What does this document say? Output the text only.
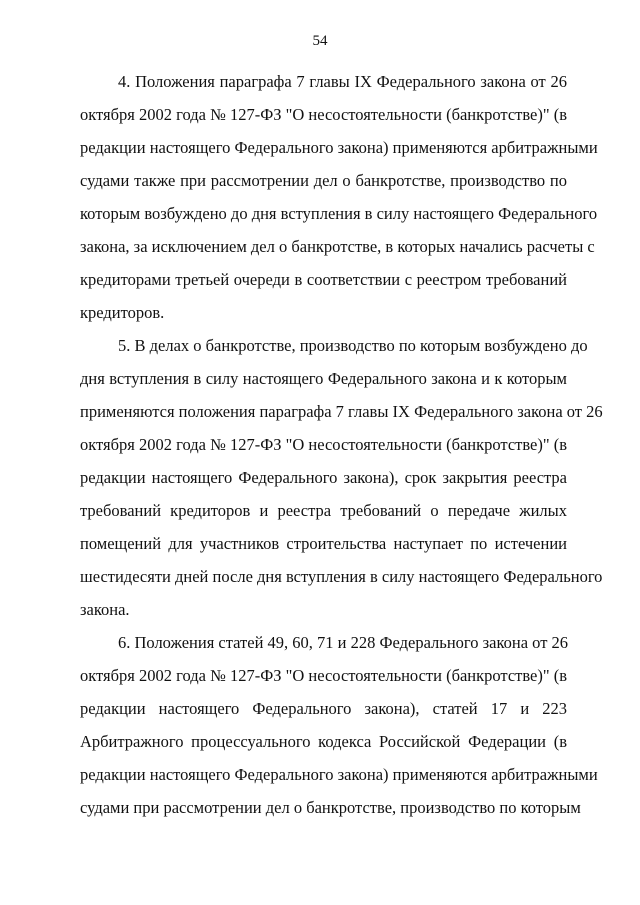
54
4. Положения параграфа 7 главы IX Федерального закона от 26
октября 2002 года № 127-ФЗ "О несостоятельности (банкротстве)" (в
редакции настоящего Федерального закона) применяются арбитражными
судами также при рассмотрении дел о банкротстве, производство по
которым возбуждено до дня вступления в силу настоящего Федерального
закона, за исключением дел о банкротстве, в которых начались расчеты с
кредиторами третьей очереди в соответствии с реестром требований
кредиторов.
5. В делах о банкротстве, производство по которым возбуждено до
дня вступления в силу настоящего Федерального закона и к которым
применяются положения параграфа 7 главы IX Федерального закона от 26
октября 2002 года № 127-ФЗ "О несостоятельности (банкротстве)" (в
редакции настоящего Федерального закона), срок закрытия реестра
требований кредиторов и реестра требований о передаче жилых
помещений для участников строительства наступает по истечении
шестидесяти дней после дня вступления в силу настоящего Федерального
закона.
6. Положения статей 49, 60, 71 и 228 Федерального закона от 26
октября 2002 года № 127-ФЗ "О несостоятельности (банкротстве)" (в
редакции настоящего Федерального закона), статей 17 и 223
Арбитражного процессуального кодекса Российской Федерации (в
редакции настоящего Федерального закона) применяются арбитражными
судами при рассмотрении дел о банкротстве, производство по которым
